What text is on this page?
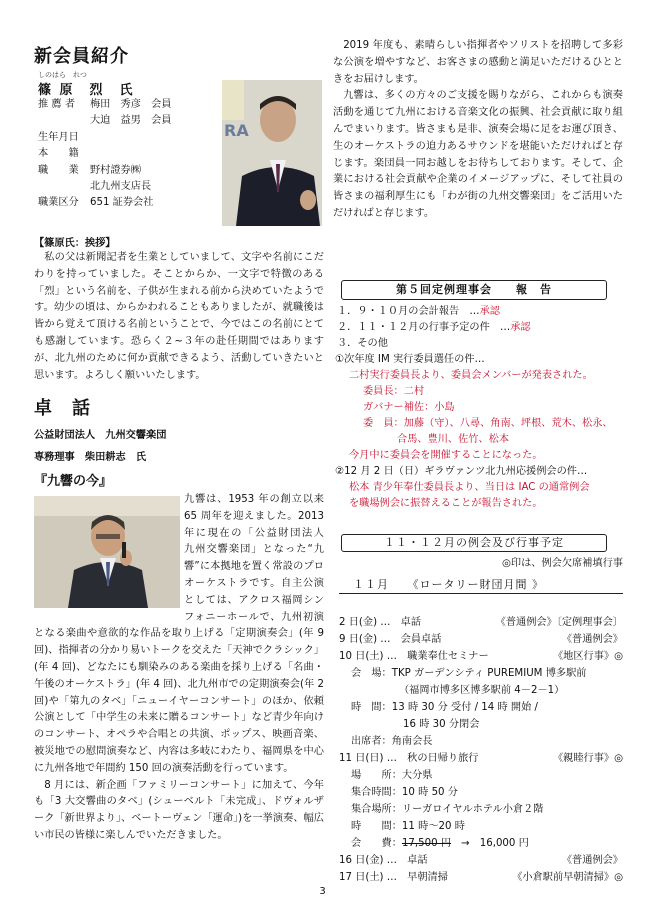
新会員紹介
しのはら　れつ
篠 原　烈　氏
推 薦 者 梅田　秀彦　会員
大迫　益男　会員
生年月日
本　　籍
職　　業 野村證券㈱
北九州支店長
職業区分 651 証券会社
RA
【篠原氏：挨拶】

私の父は新聞記者を生業としていまして、文字や名前にこだわりを持っていました。そことからか、一文字で特徴のある「烈」という名前を、子供が生まれる前から決めていたようです。幼少の頃は、からかわれることもありましたが、就職後は皆から覚えて頂ける名前ということで、今ではこの名前にとても感謝しています。恐らく２~３年の赴任期間ではありますが、北九州のために何か貢献できるよう、活動していきたいと思います。よろしく願いいたします。

卓　話
公益財団法人　九州交響楽団
専務理事　柴田耕志　氏
『九響の今』

九響は、1953 年の創立以来 65 周年を迎えました。2013 年に現在の「公益財団法人　九州交響楽団」となった“九響”に本拠地を置く常設のプロオーケストラです。自主公演としては、アクロス福岡シンフォニーホールで、九州初演となる楽曲や意欲的な作品を取り上げる「定期演奏会」(年 9 回)、指揮者の分かり易いトークを交えた「天神でクラシック」(年 4 回)、どなたにも馴染みのある楽曲を採り上げる「名曲・午後のオーケストラ」(年 4 回)、北九州市での定期演奏会(年 2 回)や「第九のタベ」「ニューイヤーコンサート」のほか、依頼公演として「中学生の未来に贈るコンサート」など青少年向けのコンサート、オペラや合唱との共演、ポップス、映画音楽、被災地での慰問演奏など、内容は多岐にわたり、福岡県を中心に九州各地で年間約 150 回の演奏活動を行っています。

8 月には、新企画「ファミリーコンサート」に加えて、今年も「3 大交響曲のタベ」(シューベルト「未完成」、ドヴォルザーク「新世界より」、ベートーヴェン「運命」)を一挙演奏、幅広い市民の皆様に楽しんでいただきました。

2019 年度も、素晴らしい指揮者やソリストを招聘して多彩な公演を増やすなど、お客さまの感動と満足いただけるひとときをお届けします。

九響は、多くの方々のご支援を賜りながら、これからも演奏活動を通じて九州における音楽文化の振興、社会貢献に取り組んでまいります。皆さまも是非、演奏会場に足をお運び頂き、生のオーケストラの迫力あるサウンドを堪能いただければと存じます。楽団員一同お越しをお待ちしております。そして、企業における社会貢献や企業のイメージアップに、そして社員の皆さまの福利厚生にも「わが街の九州交響楽団」をご活用いただければと存じます。

第５回定例理事会　　報　告
１．９・１０月の会計報告　…承認
２．１１・１２月の行事予定の件　…承認
３．その他
①次年度 IM 実行委員選任の件…
二村実行委員長より、委員会メンバーが発表された。
委員長：二村
ガバナー補佐：小島
委　員：加藤（守）、八尋、角南、坪根、荒木、松永、
合馬、豊川、佐竹、松本
今月中に委員会を開催することになった。
②12 月 2 日（日）ギラヴァンツ北九州応援例会の件…
松本 青少年奉仕委員長より、当日は IAC の通常例会
を職場例会に振替えることが報告された。
１１・１２月の例会及び行事予定
◎印は、例会欠席補填行事
１１月　　《ロータリー財団月間 》
2 日(金) …　卓話	《普通例会》〔定例理事会〕
9 日(金) …　会員卓話	《普通例会》
10 日(土) …　職業奉仕セミナー	《地区行事》◎
会　場：TKP ガーデンシティ PUREMIUM 博多駅前
（福岡市博多区博多駅前 4－2－1）
時　間：13 時 30 分 受付 / 14 時 開始 /
16 時 30 分閉会
出席者：角南会長
11 日(日) …　秋の日帰り旅行	《親睦行事》◎
場　　所：大分県
集合時間：10 時 50 分
集合場所：リーガロイヤルホテル小倉２階
時　　間：11 時～20 時
会　　費：17,500 円 →　16,000 円
16 日(金) …　卓話	《普通例会》
17 日(土) …　早朝清掃	《小倉駅前早朝清掃》◎
3
